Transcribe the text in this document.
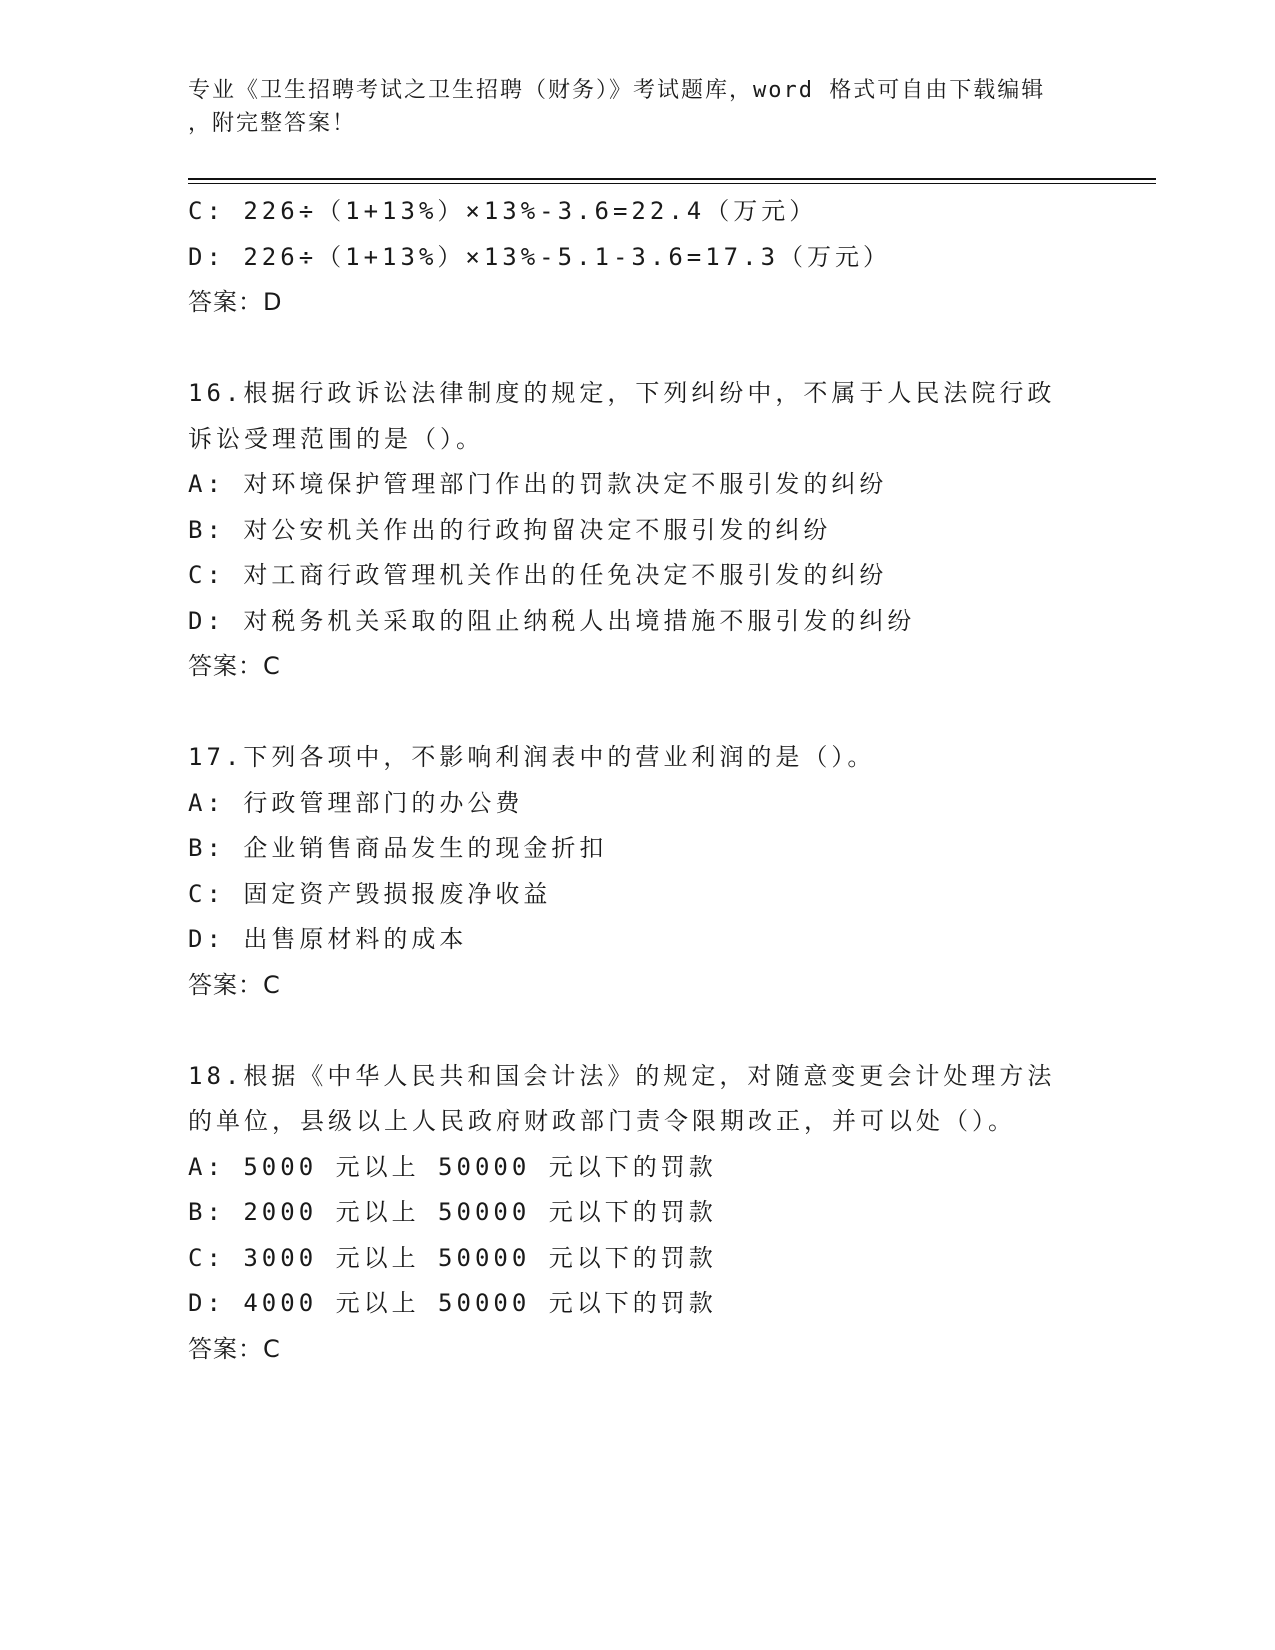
专业《卫生招聘考试之卫生招聘（财务）》考试题库，word 格式可自由下载编辑
，附完整答案！
C: 226÷（1+13%）×13%-3.6=22.4（万元）
D: 226÷（1+13%）×13%-5.1-3.6=17.3（万元）
答案：D
16.根据行政诉讼法律制度的规定，下列纠纷中，不属于人民法院行政
诉讼受理范围的是（）。
A: 对环境保护管理部门作出的罚款决定不服引发的纠纷
B: 对公安机关作出的行政拘留决定不服引发的纠纷
C: 对工商行政管理机关作出的任免决定不服引发的纠纷
D: 对税务机关采取的阻止纳税人出境措施不服引发的纠纷
答案：C
17.下列各项中，不影响利润表中的营业利润的是（）。
A: 行政管理部门的办公费
B: 企业销售商品发生的现金折扣
C: 固定资产毁损报废净收益
D: 出售原材料的成本
答案：C
18.根据《中华人民共和国会计法》的规定，对随意变更会计处理方法
的单位，县级以上人民政府财政部门责令限期改正，并可以处（）。
A: 5000 元以上 50000 元以下的罚款
B: 2000 元以上 50000 元以下的罚款
C: 3000 元以上 50000 元以下的罚款
D: 4000 元以上 50000 元以下的罚款
答案：C
